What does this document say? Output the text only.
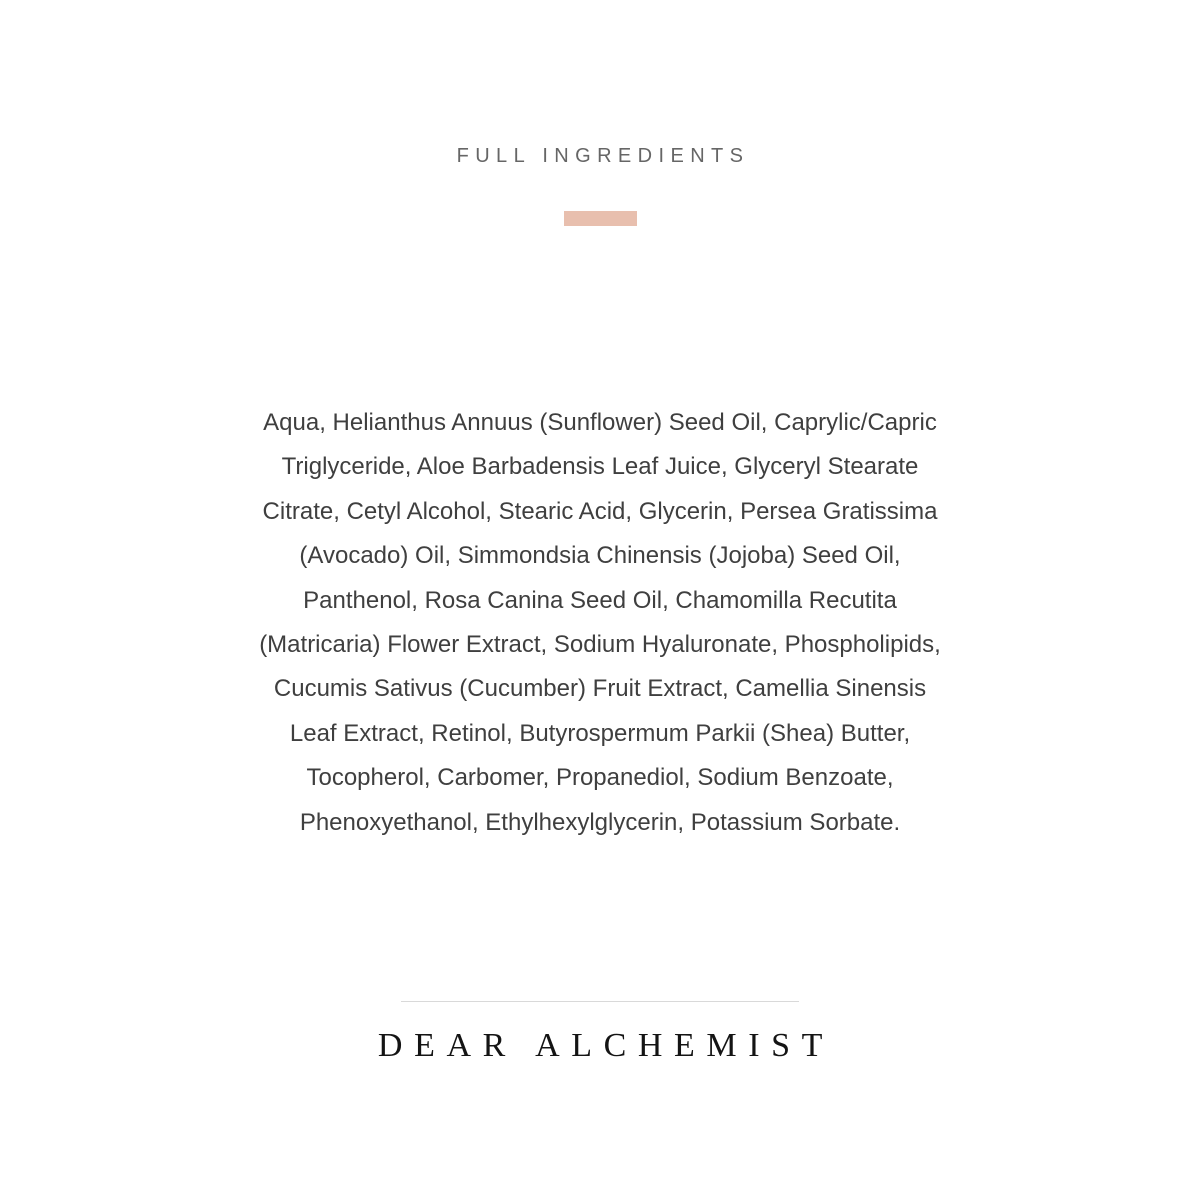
FULL INGREDIENTS

Aqua, Helianthus Annuus (Sunflower) Seed Oil, Caprylic/Capric
Triglyceride, Aloe Barbadensis Leaf Juice, Glyceryl Stearate
Citrate, Cetyl Alcohol, Stearic Acid, Glycerin, Persea Gratissima
(Avocado) Oil, Simmondsia Chinensis (Jojoba) Seed Oil,
Panthenol, Rosa Canina Seed Oil, Chamomilla Recutita
(Matricaria) Flower Extract, Sodium Hyaluronate, Phospholipids,
Cucumis Sativus (Cucumber) Fruit Extract, Camellia Sinensis
Leaf Extract, Retinol, Butyrospermum Parkii (Shea) Butter,
Tocopherol, Carbomer, Propanediol, Sodium Benzoate,
Phenoxyethanol, Ethylhexylglycerin, Potassium Sorbate.

DEAR ALCHEMIST
